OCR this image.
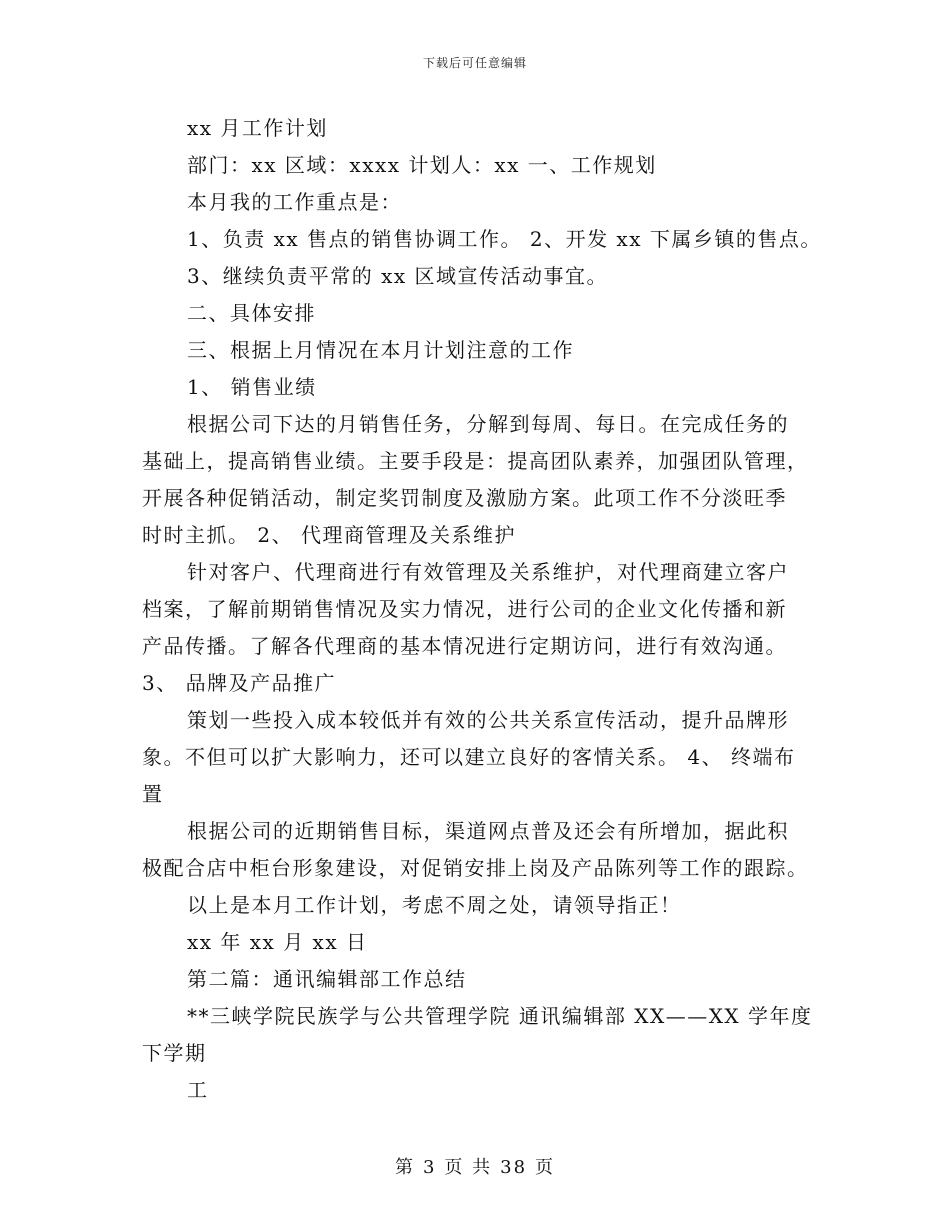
下载后可任意编辑
xx 月工作计划
部门：xx 区域：xxxx 计划人：xx 一、工作规划
本月我的工作重点是：
1、负责 xx 售点的销售协调工作。 2、开发 xx 下属乡镇的售点。
3、继续负责平常的 xx 区域宣传活动事宜。
二、具体安排
三、根据上月情况在本月计划注意的工作
1、 销售业绩
根据公司下达的月销售任务，分解到每周、每日。在完成任务的
基础上，提高销售业绩。主要手段是：提高团队素养，加强团队管理，
开展各种促销活动，制定奖罚制度及激励方案。此项工作不分淡旺季
时时主抓。 2、 代理商管理及关系维护
针对客户、代理商进行有效管理及关系维护，对代理商建立客户
档案，了解前期销售情况及实力情况，进行公司的企业文化传播和新
产品传播。了解各代理商的基本情况进行定期访问，进行有效沟通。
3、 品牌及产品推广
策划一些投入成本较低并有效的公共关系宣传活动，提升品牌形
象。不但可以扩大影响力，还可以建立良好的客情关系。 4、 终端布
置
根据公司的近期销售目标，渠道网点普及还会有所增加，据此积
极配合店中柜台形象建设，对促销安排上岗及产品陈列等工作的跟踪。
以上是本月工作计划，考虑不周之处，请领导指正！
xx 年 xx 月 xx 日
第二篇：通讯编辑部工作总结
**三峡学院民族学与公共管理学院 通讯编辑部 XX——XX 学年度
下学期
工
第 3 页 共 38 页
